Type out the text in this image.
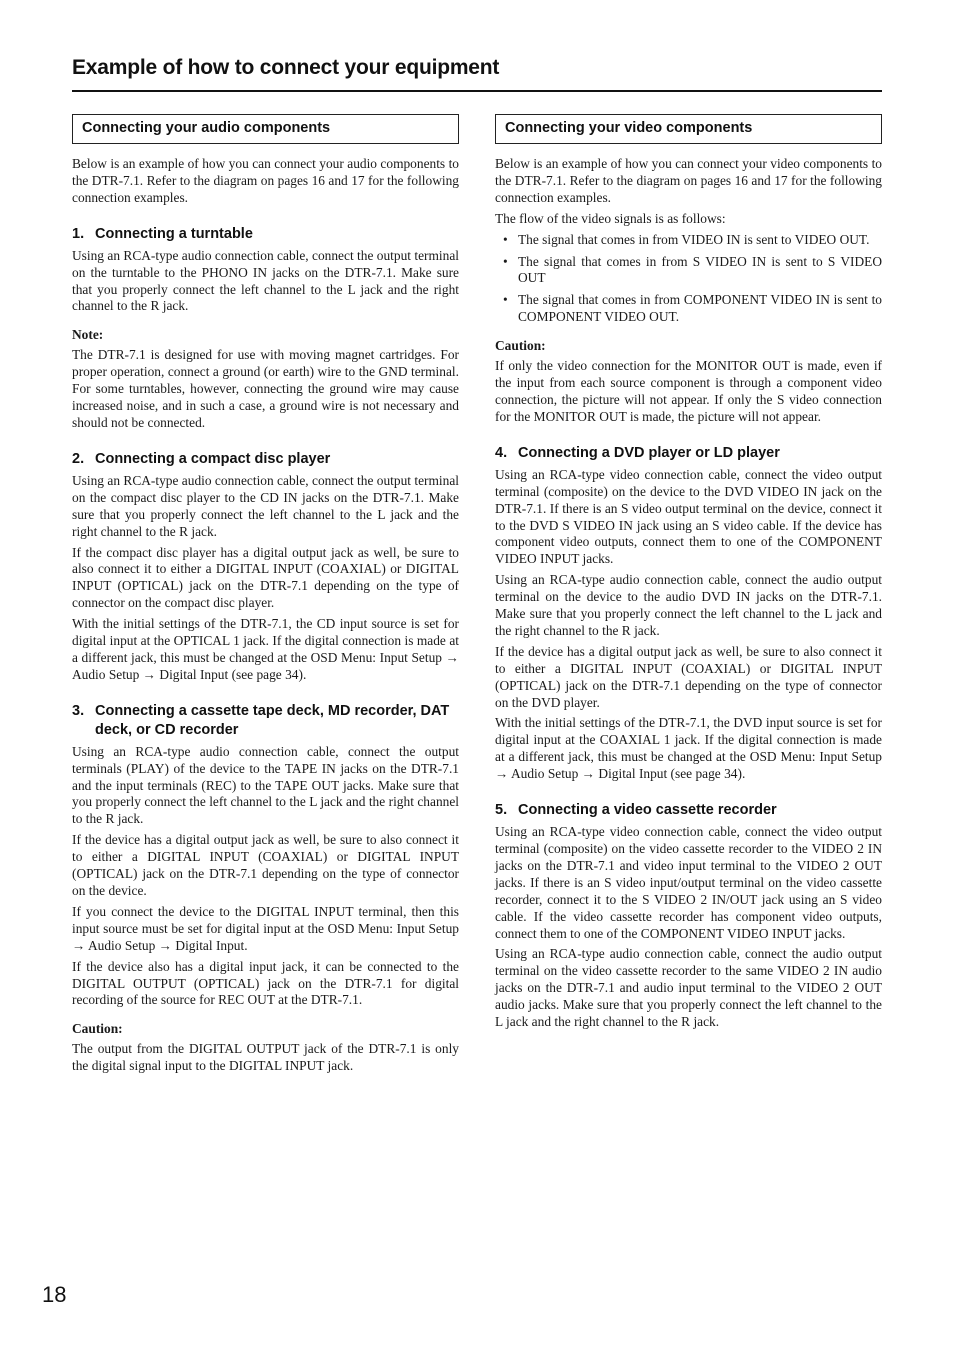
Example of how to connect your equipment
Connecting your audio components

Below is an example of how you can connect your audio components to the DTR-7.1. Refer to the diagram on pages 16 and 17 for the following connection examples.

1. Connecting a turntable

Using an RCA-type audio connection cable, connect the output terminal on the turntable to the PHONO IN jacks on the DTR-7.1. Make sure that you properly connect the left channel to the L jack and the right channel to the R jack.

Note:

The DTR-7.1 is designed for use with moving magnet cartridges. For proper operation, connect a ground (or earth) wire to the GND terminal. For some turntables, however, connecting the ground wire may cause increased noise, and in such a case, a ground wire is not necessary and should not be connected.

2. Connecting a compact disc player

Using an RCA-type audio connection cable, connect the output terminal on the compact disc player to the CD IN jacks on the DTR-7.1. Make sure that you properly connect the left channel to the L jack and the right channel to the R jack.

If the compact disc player has a digital output jack as well, be sure to also connect it to either a DIGITAL INPUT (COAXIAL) or DIGITAL INPUT (OPTICAL) jack on the DTR-7.1 depending on the type of connector on the compact disc player.

With the initial settings of the DTR-7.1, the CD input source is set for digital input at the OPTICAL 1 jack. If the digital connection is made at a different jack, this must be changed at the OSD Menu: Input Setup → Audio Setup → Digital Input (see page 34).

3. Connecting a cassette tape deck, MD recorder, DAT deck, or CD recorder

Using an RCA-type audio connection cable, connect the output terminals (PLAY) of the device to the TAPE IN jacks on the DTR-7.1 and the input terminals (REC) to the TAPE OUT jacks. Make sure that you properly connect the left channel to the L jack and the right channel to the R jack.

If the device has a digital output jack as well, be sure to also connect it to either a DIGITAL INPUT (COAXIAL) or DIGITAL INPUT (OPTICAL) jack on the DTR-7.1 depending on the type of connector on the device.

If you connect the device to the DIGITAL INPUT terminal, then this input source must be set for digital input at the OSD Menu: Input Setup → Audio Setup → Digital Input.

If the device also has a digital input jack, it can be connected to the DIGITAL OUTPUT (OPTICAL) jack on the DTR-7.1 for digital recording of the source for REC OUT at the DTR-7.1.

Caution:

The output from the DIGITAL OUTPUT jack of the DTR-7.1 is only the digital signal input to the DIGITAL INPUT jack.

Connecting your video components

Below is an example of how you can connect your video components to the DTR-7.1. Refer to the diagram on pages 16 and 17 for the following connection examples.

The flow of the video signals is as follows:

• The signal that comes in from VIDEO IN is sent to VIDEO OUT.
• The signal that comes in from S VIDEO IN is sent to S VIDEO OUT
• The signal that comes in from COMPONENT VIDEO IN is sent to COMPONENT VIDEO OUT.
Caution:

If only the video connection for the MONITOR OUT is made, even if the input from each source component is through a component video connection, the picture will not appear. If only the S video connection for the MONITOR OUT is made, the picture will not appear.

4. Connecting a DVD player or LD player

Using an RCA-type video connection cable, connect the video output terminal (composite) on the device to the DVD VIDEO IN jack on the DTR-7.1. If there is an S video output terminal on the device, connect it to the DVD S VIDEO IN jack using an S video cable. If the device has component video outputs, connect them to one of the COMPONENT VIDEO INPUT jacks.

Using an RCA-type audio connection cable, connect the audio output terminal on the device to the audio DVD IN jacks on the DTR-7.1. Make sure that you properly connect the left channel to the L jack and the right channel to the R jack.

If the device has a digital output jack as well, be sure to also connect it to either a DIGITAL INPUT (COAXIAL) or DIGITAL INPUT (OPTICAL) jack on the DTR-7.1 depending on the type of connector on the DVD player.

With the initial settings of the DTR-7.1, the DVD input source is set for digital input at the COAXIAL 1 jack. If the digital connection is made at a different jack, this must be changed at the OSD Menu: Input Setup → Audio Setup → Digital Input (see page 34).

5. Connecting a video cassette recorder

Using an RCA-type video connection cable, connect the video output terminal (composite) on the video cassette recorder to the VIDEO 2 IN jacks on the DTR-7.1 and video input terminal to the VIDEO 2 OUT jacks. If there is an S video input/output terminal on the video cassette recorder, connect it to the S VIDEO 2 IN/OUT jack using an S video cable. If the video cassette recorder has component video outputs, connect them to one of the COMPONENT VIDEO INPUT jacks.

Using an RCA-type audio connection cable, connect the audio output terminal on the video cassette recorder to the same VIDEO 2 IN audio jacks on the DTR-7.1 and audio input terminal to the VIDEO 2 OUT audio jacks. Make sure that you properly connect the left channel to the L jack and the right channel to the R jack.

18
